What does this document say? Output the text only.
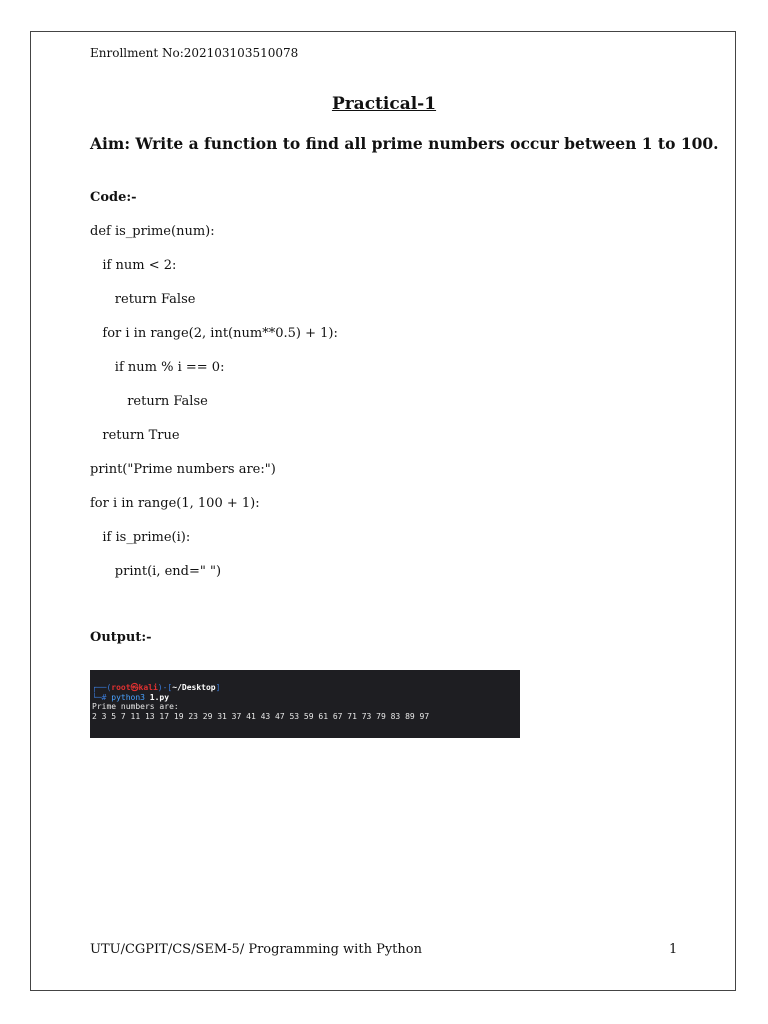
Enrollment No:202103103510078
Practical-1
Aim: Write a function to find all prime numbers occur between 1 to 100.
Code:-
def is_prime(num):
if num < 2:
return False
for i in range(2, int(num**0.5) + 1):
if num % i == 0:
return False
return True
print("Prime numbers are:")
for i in range(1, 100 + 1):
if is_prime(i):
print(i, end=" ")
Output:-
┌──(root㉿kali)-[~/Desktop]
└─# python3 1.py
Prime numbers are:
2 3 5 7 11 13 17 19 23 29 31 37 41 43 47 53 59 61 67 71 73 79 83 89 97
UTU/CGPIT/CS/SEM-5/ Programming with Python	1
